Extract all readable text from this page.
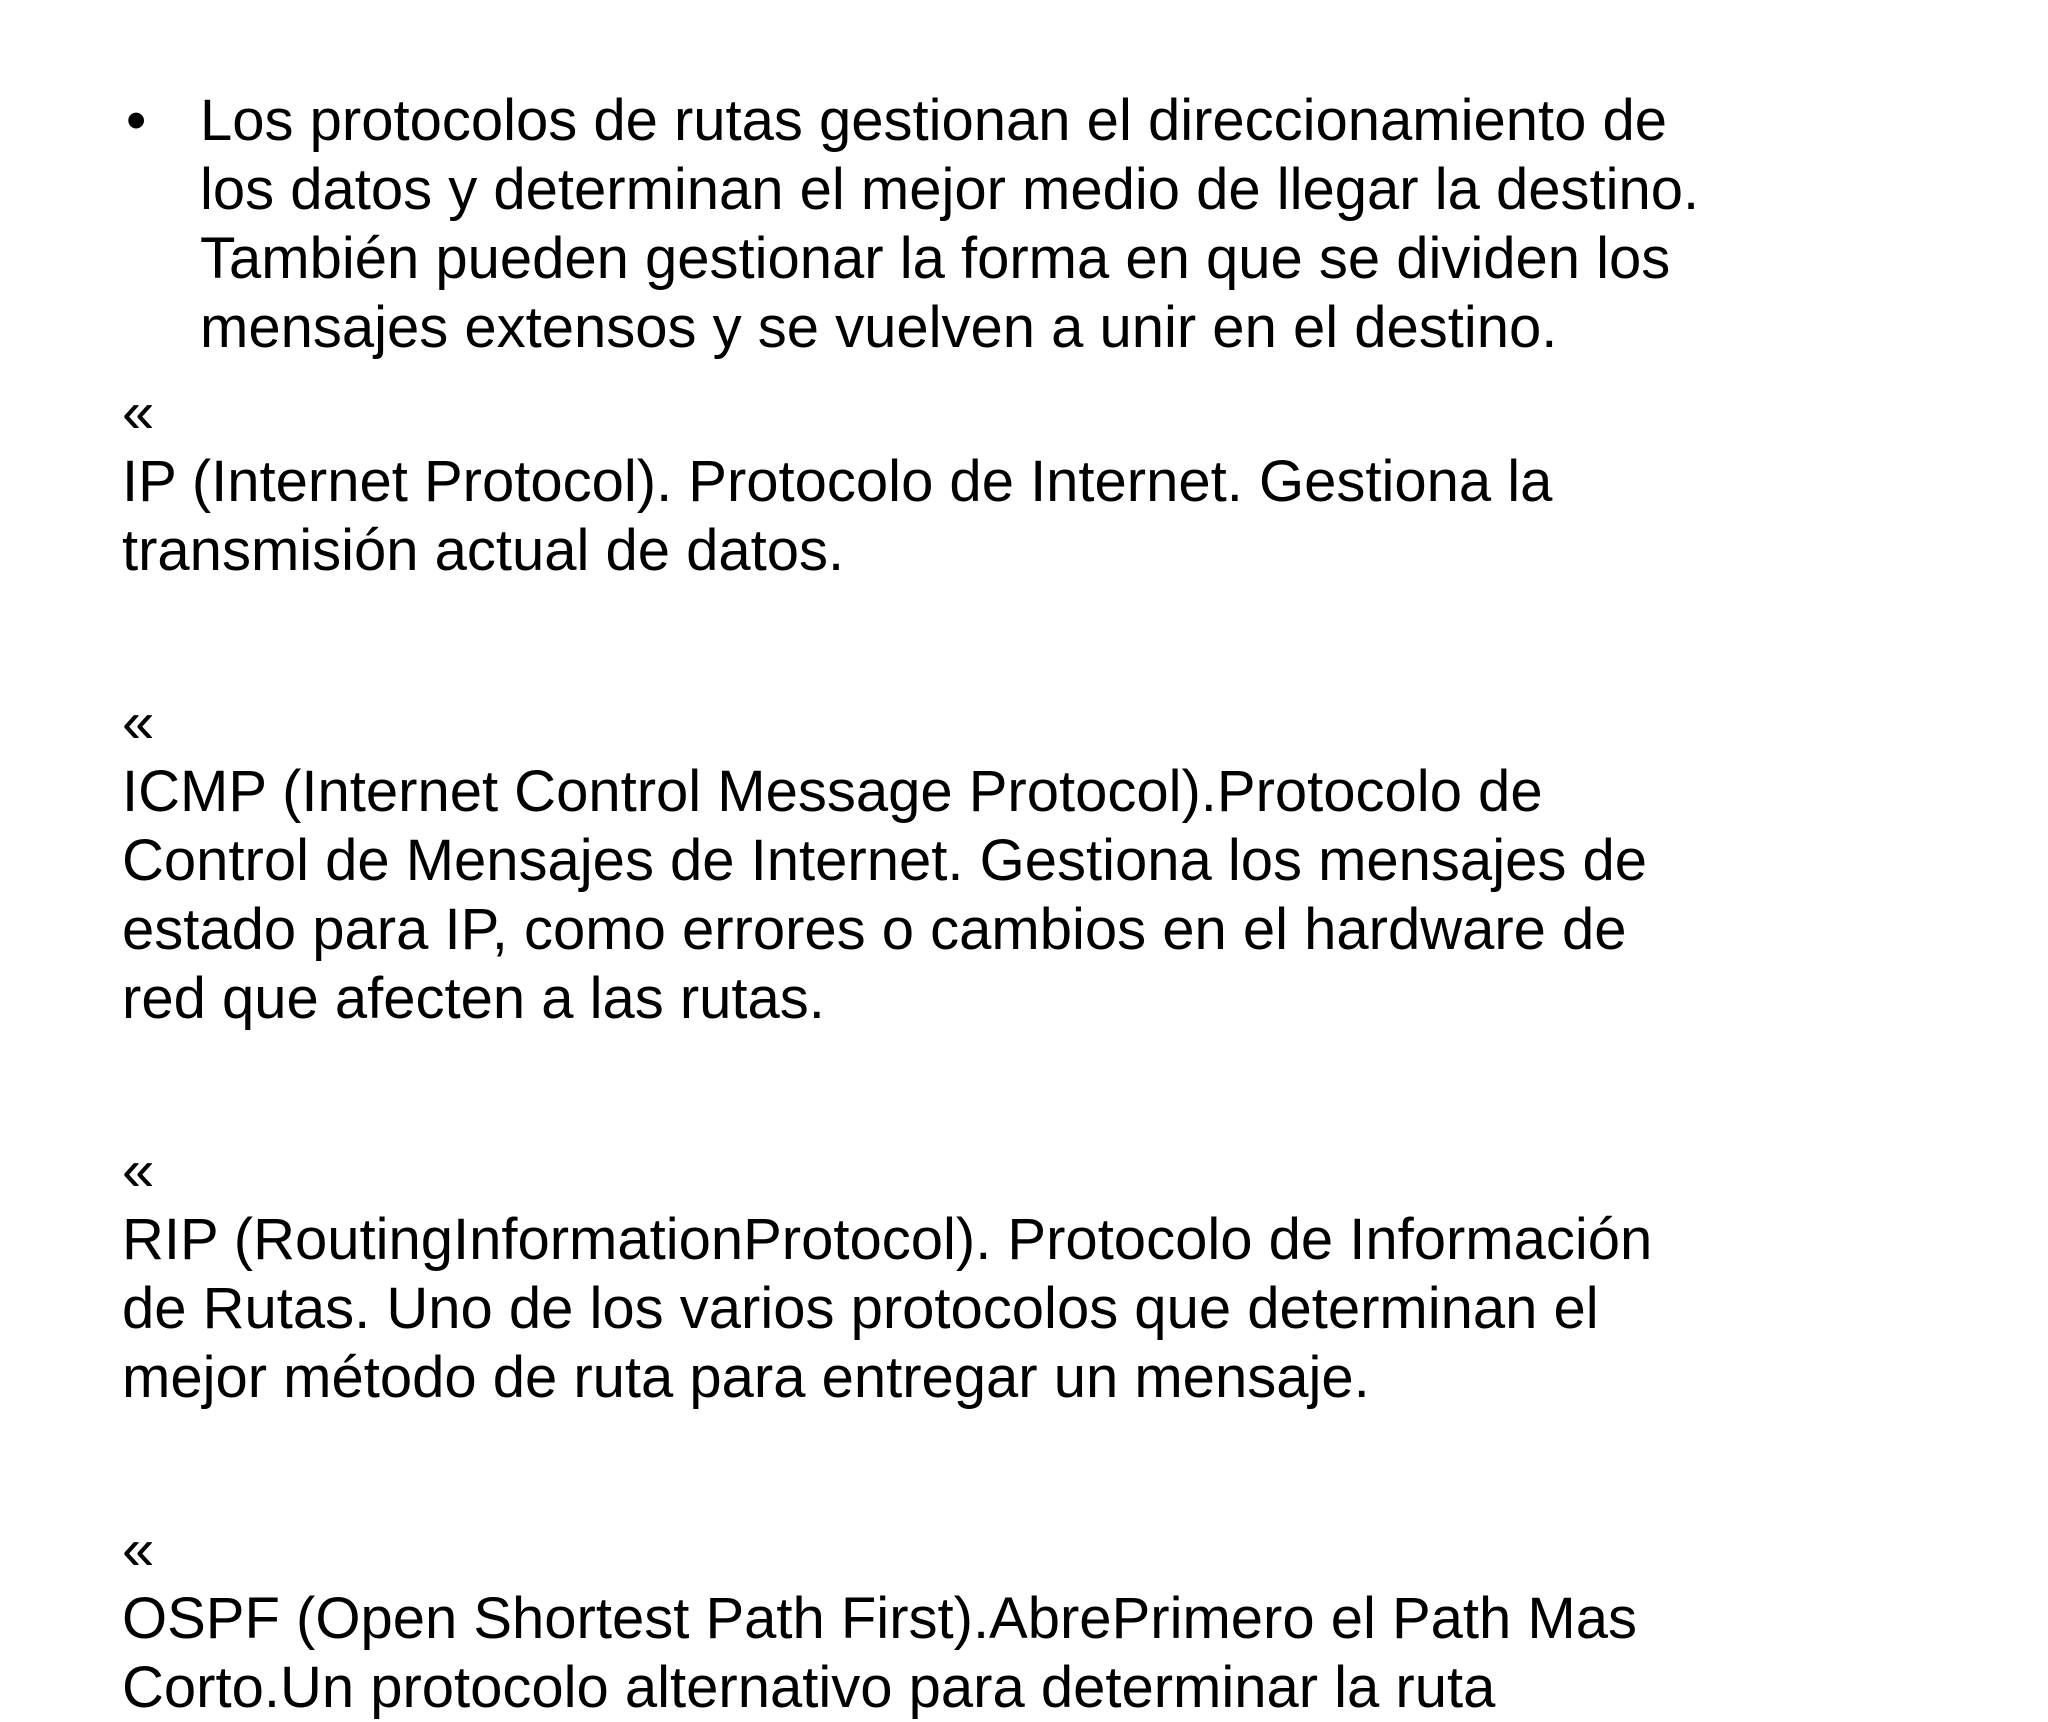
• Los protocolos de rutas gestionan el direccionamiento de
los datos y determinan el mejor medio de llegar la destino.
También pueden gestionar la forma en que se dividen los
mensajes extensos y se vuelven a unir en el destino.
«
IP (Internet Protocol). Protocolo de Internet. Gestiona la
transmisión actual de datos.
«
ICMP (Internet Control Message Protocol).Protocolo de
Control de Mensajes de Internet. Gestiona los mensajes de
estado para IP, como errores o cambios en el hardware de
red que afecten a las rutas.
«
RIP (RoutingInformationProtocol). Protocolo de Información
de Rutas. Uno de los varios protocolos que determinan el
mejor método de ruta para entregar un mensaje.
«
OSPF (Open Shortest Path First).AbrePrimero el Path Mas
Corto.Un protocolo alternativo para determinar la ruta
